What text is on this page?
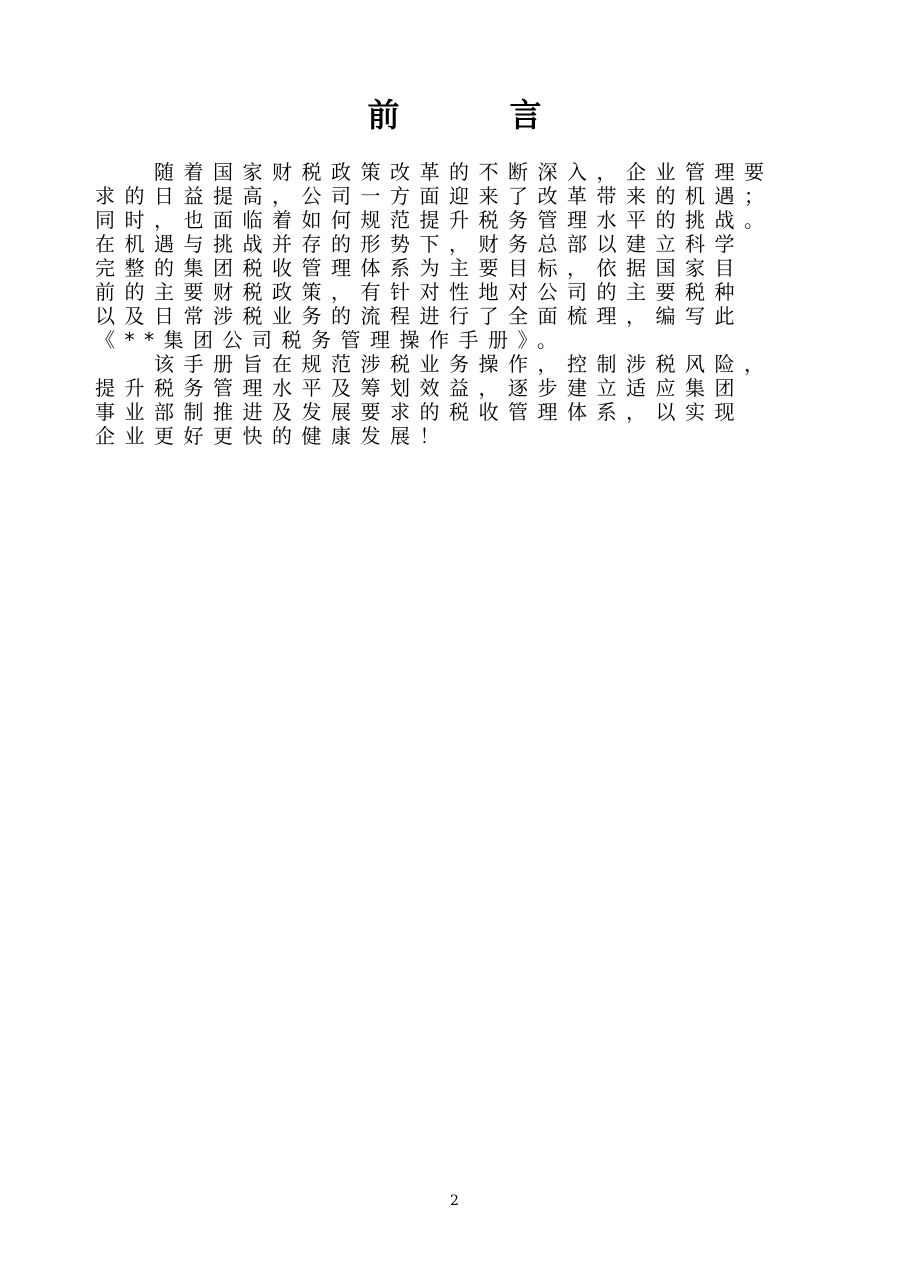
前言
　　随着国家财税政策改革的不断深入，企业管理要
求的日益提高，公司一方面迎来了改革带来的机遇；
同时，也面临着如何规范提升税务管理水平的挑战。
在机遇与挑战并存的形势下，财务总部以建立科学
完整的集团税收管理体系为主要目标，依据国家目
前的主要财税政策，有针对性地对公司的主要税种
以及日常涉税业务的流程进行了全面梳理，编写此
《**集团公司税务管理操作手册》。
　　该手册旨在规范涉税业务操作，控制涉税风险，
提升税务管理水平及筹划效益，逐步建立适应集团
事业部制推进及发展要求的税收管理体系，以实现
企业更好更快的健康发展！
2
